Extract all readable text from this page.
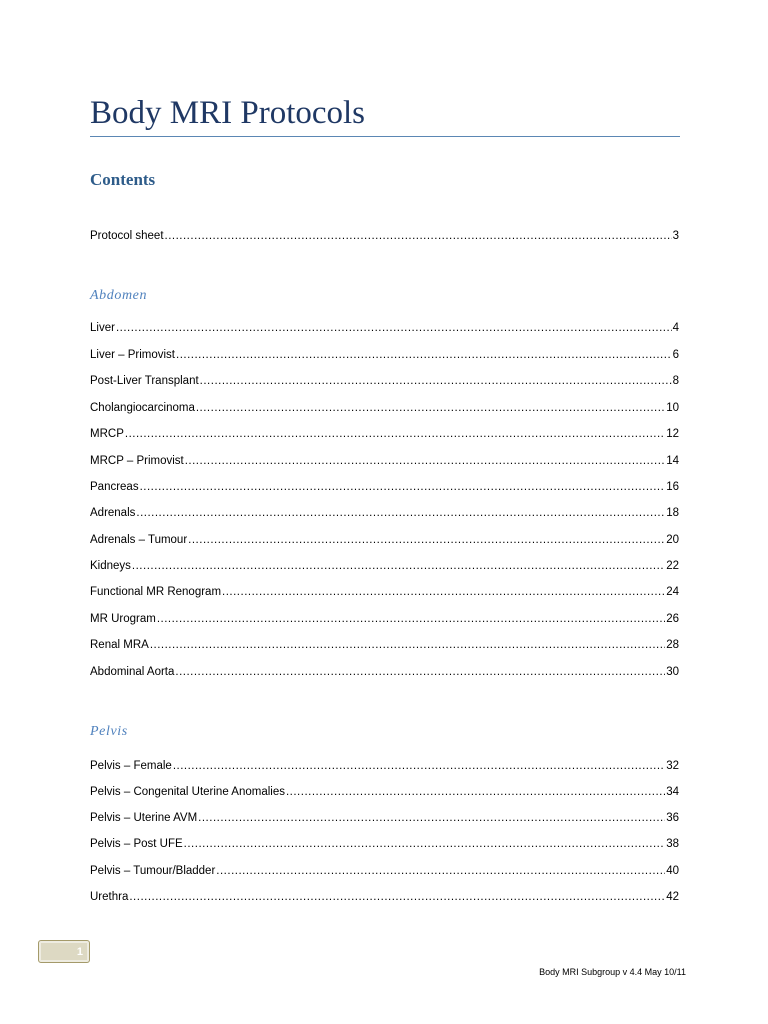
Body MRI Protocols
Contents
Protocol sheet .....	3
Abdomen
Liver .....	4
Liver – Primovist .....	6
Post-Liver Transplant .....	8
Cholangiocarcinoma .....	10
MRCP .....	12
MRCP – Primovist .....	14
Pancreas .....	16
Adrenals .....	18
Adrenals – Tumour .....	20
Kidneys .....	22
Functional MR Renogram .....	24
MR Urogram .....	26
Renal MRA .....	28
Abdominal Aorta .....	30
Pelvis
Pelvis – Female .....	32
Pelvis – Congenital Uterine Anomalies .....	34
Pelvis – Uterine AVM .....	36
Pelvis – Post UFE .....	38
Pelvis – Tumour/Bladder .....	40
Urethra .....	42
1
Body MRI Subgroup v 4.4 May 10/11
